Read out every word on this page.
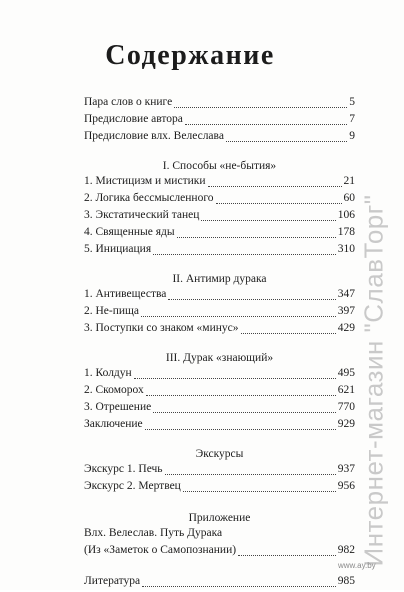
Содержание
Пара слов о книге	5
Предисловие автора	7
Предисловие влх. Велеслава	9
I. Способы «не-бытия»
1. Мистицизм и мистики	21
2. Логика бессмысленного	60
3. Экстатический танец	106
4. Священные яды	178
5. Инициация	310
II. Антимир дурака
1. Антивещества	347
2. Не-пища	397
3. Поступки со знаком «минус»	429
III. Дурак «знающий»
1. Колдун	495
2. Скоморох	621
3. Отрешение	770
Заключение	929
Экскурсы
Экскурс 1. Печь	937
Экскурс 2. Мертвец	956
Приложение
Влх. Велеслав. Путь Дурака
(Из «Заметок о Самопознании)	982
Литература	985
Интернет-магазин "СлавТорг"
www.ay.by
